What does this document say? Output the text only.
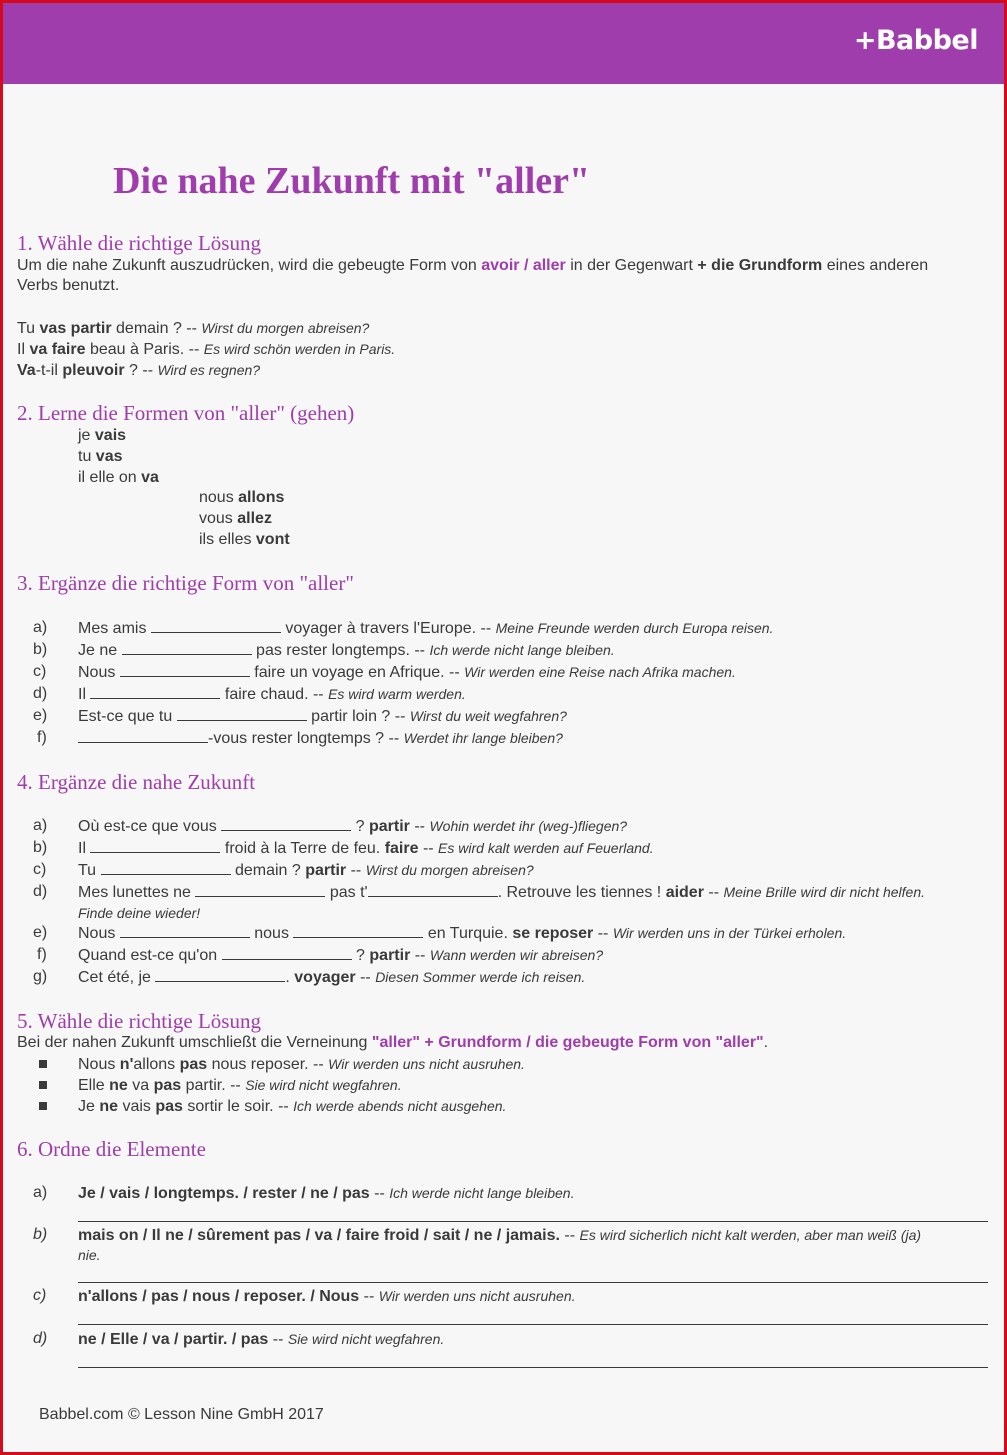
+Babbel
Die nahe Zukunft mit "aller"
1. Wähle die richtige Lösung
Um die nahe Zukunft auszudrücken, wird die gebeugte Form von avoir / aller in der Gegenwart + die Grundform eines anderen
Verbs benutzt.
Tu vas partir demain ? -- Wirst du morgen abreisen?
Il va faire beau à Paris. -- Es wird schön werden in Paris.
Va-t-il pleuvoir ? -- Wird es regnen?
2. Lerne die Formen von "aller" (gehen)
je vais
tu vas
il elle on va
nous allons
vous allez
ils elles vont
3. Ergänze die richtige Form von "aller"
a) Mes amis	voyager à travers l'Europe. -- Meine Freunde werden durch Europa reisen.
b) Je ne	pas rester longtemps. -- Ich werde nicht lange bleiben.
c) Nous	faire un voyage en Afrique. -- Wir werden eine Reise nach Afrika machen.
d) Il	faire chaud. -- Es wird warm werden.
e) Est-ce que tu	partir loin ? -- Wirst du weit wegfahren?
f)	-vous rester longtemps ? -- Werdet ihr lange bleiben?
4. Ergänze die nahe Zukunft
a) Où est-ce que vous	? partir -- Wohin werdet ihr (weg-)fliegen?
b) Il	froid à la Terre de feu. faire -- Es wird kalt werden auf Feuerland.
c) Tu	demain ? partir -- Wirst du morgen abreisen?
d) Mes lunettes ne	pas t'	. Retrouve les tiennes ! aider -- Meine Brille wird dir nicht helfen.
Finde deine wieder!
e) Nous	nous	en Turquie. se reposer -- Wir werden uns in der Türkei erholen.
f) Quand est-ce qu'on	? partir -- Wann werden wir abreisen?
g) Cet été, je	. voyager -- Diesen Sommer werde ich reisen.
5. Wähle die richtige Lösung
Bei der nahen Zukunft umschließt die Verneinung "aller" + Grundform / die gebeugte Form von "aller".
Nous n'allons pas nous reposer. -- Wir werden uns nicht ausruhen.
Elle ne va pas partir. -- Sie wird nicht wegfahren.
Je ne vais pas sortir le soir. -- Ich werde abends nicht ausgehen.
6. Ordne die Elemente
a) Je / vais / longtemps. / rester / ne / pas -- Ich werde nicht lange bleiben.
b) mais on / Il ne / sûrement pas / va / faire froid / sait / ne / jamais. -- Es wird sicherlich nicht kalt werden, aber man weiß (ja)
nie.
c) n'allons / pas / nous / reposer. / Nous -- Wir werden uns nicht ausruhen.
d) ne / Elle / va / partir. / pas -- Sie wird nicht wegfahren.
Babbel.com © Lesson Nine GmbH 2017
